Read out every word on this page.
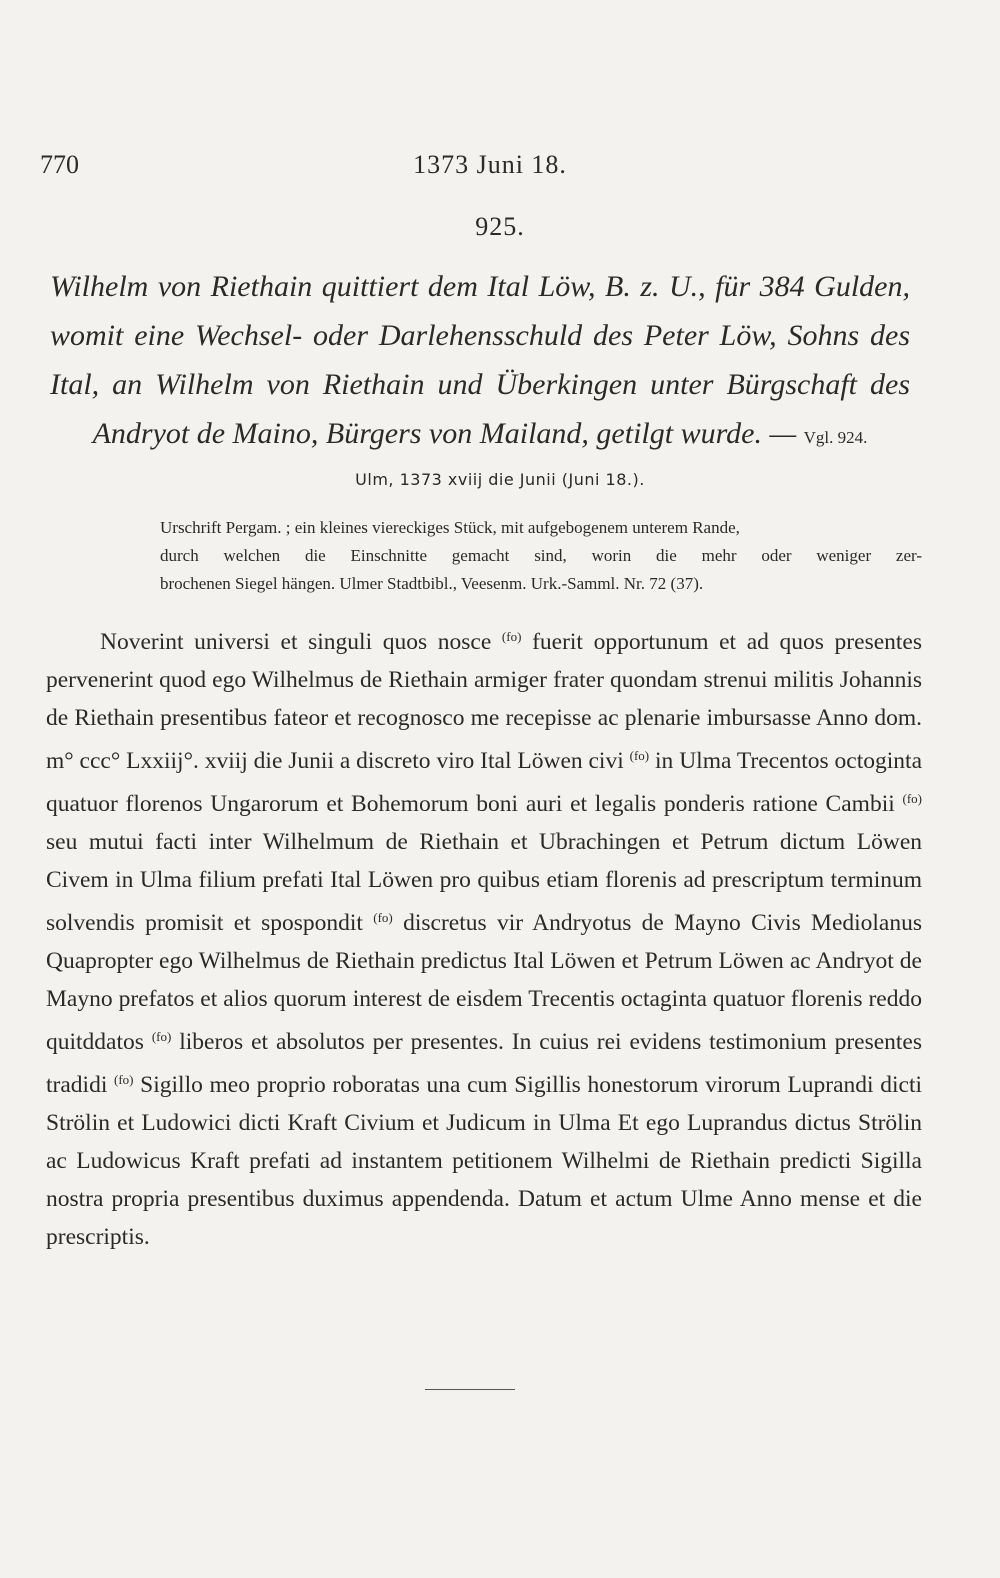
770	1373 Juni 18.
925.
Wilhelm von Riethain quittiert dem Ital Löw, B. z. U., für 384 Gulden, womit eine Wechsel- oder Darlehensschuld des Peter Löw, Sohns des Ital, an Wilhelm von Riethain und Überkingen unter Bürgschaft des Andryot de Maino, Bürgers von Mailand, getilgt wurde. — Vgl. 924.
Ulm, 1373 xviij die Junii (Juni 18.).
Urschrift Pergam. ; ein kleines viereckiges Stück, mit aufgebogenem unterem Rande,
durch welchen die Einschnitte gemacht sind, worin die mehr oder weniger zer-
brochenen Siegel hängen. Ulmer Stadtbibl., Veesenm. Urk.-Samml. Nr. 72 (37).
Noverint universi et singuli quos nosce $^{(fo)}$ fuerit opportunum et ad quos presentes pervenerint quod ego Wilhelmus de Riethain armiger frater quondam strenui militis Johannis de Riethain presentibus fateor et recognosco me recepisse ac plenarie imbursasse Anno dom. m° ccc° Lxxiij°. xviij die Junii a discreto viro Ital Löwen civi $^{(fo)}$ in Ulma Trecentos octoginta quatuor florenos Ungarorum et Bohemorum boni auri et legalis ponderis ratione Cambii $^{(fo)}$ seu mutui facti inter Wilhelmum de Riethain et Ubrachingen et Petrum dictum Löwen Civem in Ulma filium prefati Ital Löwen pro quibus etiam florenis ad prescriptum terminum solvendis promisit et spospondit $^{(fo)}$ discretus vir Andryotus de Mayno Civis Mediolanus Quapropter ego Wilhelmus de Riethain predictus Ital Löwen et Petrum Löwen ac Andryot de Mayno prefatos et alios quorum interest de eisdem Trecentis octaginta quatuor florenis reddo quitddatos $^{(fo)}$ liberos et absolutos per presentes. In cuius rei evidens testimonium presentes tradidi $^{(fo)}$ Sigillo meo proprio roboratas una cum Sigillis honestorum virorum Luprandi dicti Strölin et Ludowici dicti Kraft Civium et Judicum in Ulma Et ego Luprandus dictus Strölin ac Ludowicus Kraft prefati ad instantem petitionem Wilhelmi de Riethain predicti Sigilla nostra propria presentibus duximus appendenda. Datum et actum Ulme Anno mense et die prescriptis.
